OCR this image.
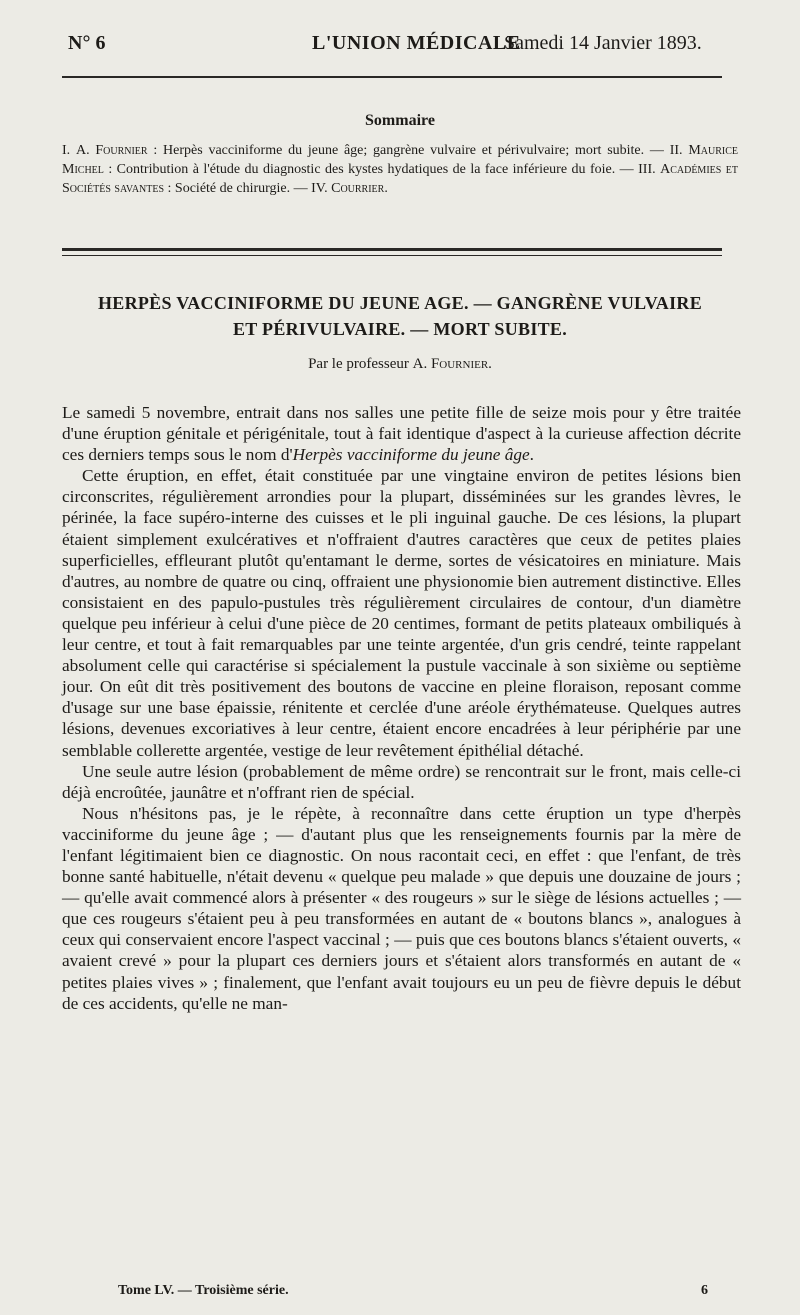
N° 6	L'UNION MÉDICALE
Samedi 14 Janvier 1893.
Sommaire
I. A. Fournier : Herpès vacciniforme du jeune âge; gangrène vulvaire et périvulvaire; mort subite. — II. Maurice Michel : Contribution à l'étude du diagnostic des kystes hydatiques de la face inférieure du foie. — III. Académies et Sociétés savantes : Société de chirurgie. — IV. Courrier.
HERPÈS VACCINIFORME DU JEUNE AGE. — GANGRÈNE VULVAIRE
ET PÉRIVULVAIRE. — MORT SUBITE.
Par le professeur A. Fournier.

Le samedi 5 novembre, entrait dans nos salles une petite fille de seize mois pour y être traitée d'une éruption génitale et périgénitale, tout à fait identique d'aspect à la curieuse affection décrite ces derniers temps sous le nom d'Herpès vacciniforme du jeune âge.

Cette éruption, en effet, était constituée par une vingtaine environ de petites lésions bien circonscrites, régulièrement arrondies pour la plupart, disséminées sur les grandes lèvres, le périnée, la face supéro-interne des cuisses et le pli inguinal gauche. De ces lésions, la plupart étaient simplement exulcératives et n'offraient d'autres caractères que ceux de petites plaies superficielles, effleurant plutôt qu'entamant le derme, sortes de vésicatoires en miniature. Mais d'autres, au nombre de quatre ou cinq, offraient une physionomie bien autrement distinctive. Elles consistaient en des papulo-pustules très régulièrement circulaires de contour, d'un diamètre quelque peu inférieur à celui d'une pièce de 20 centimes, formant de petits plateaux ombiliqués à leur centre, et tout à fait remarquables par une teinte argentée, d'un gris cendré, teinte rappelant absolument celle qui caractérise si spécialement la pustule vaccinale à son sixième ou septième jour. On eût dit très positivement des boutons de vaccine en pleine floraison, reposant comme d'usage sur une base épaissie, rénitente et cerclée d'une aréole érythémateuse. Quelques autres lésions, devenues excoriatives à leur centre, étaient encore encadrées à leur périphérie par une semblable collerette argentée, vestige de leur revêtement épithélial détaché.

Une seule autre lésion (probablement de même ordre) se rencontrait sur le front, mais celle-ci déjà encroûtée, jaunâtre et n'offrant rien de spécial.

Nous n'hésitons pas, je le répète, à reconnaître dans cette éruption un type d'herpès vacciniforme du jeune âge ; — d'autant plus que les renseignements fournis par la mère de l'enfant légitimaient bien ce diagnostic. On nous racontait ceci, en effet : que l'enfant, de très bonne santé habituelle, n'était devenu « quelque peu malade » que depuis une douzaine de jours ; — qu'elle avait commencé alors à présenter « des rougeurs » sur le siège de lésions actuelles ; — que ces rougeurs s'étaient peu à peu transformées en autant de « boutons blancs », analogues à ceux qui conservaient encore l'aspect vaccinal ; — puis que ces boutons blancs s'étaient ouverts, « avaient crevé » pour la plupart ces derniers jours et s'étaient alors transformés en autant de « petites plaies vives » ; finalement, que l'enfant avait toujours eu un peu de fièvre depuis le début de ces accidents, qu'elle ne man-

Tome LV. — Troisième série.	6
